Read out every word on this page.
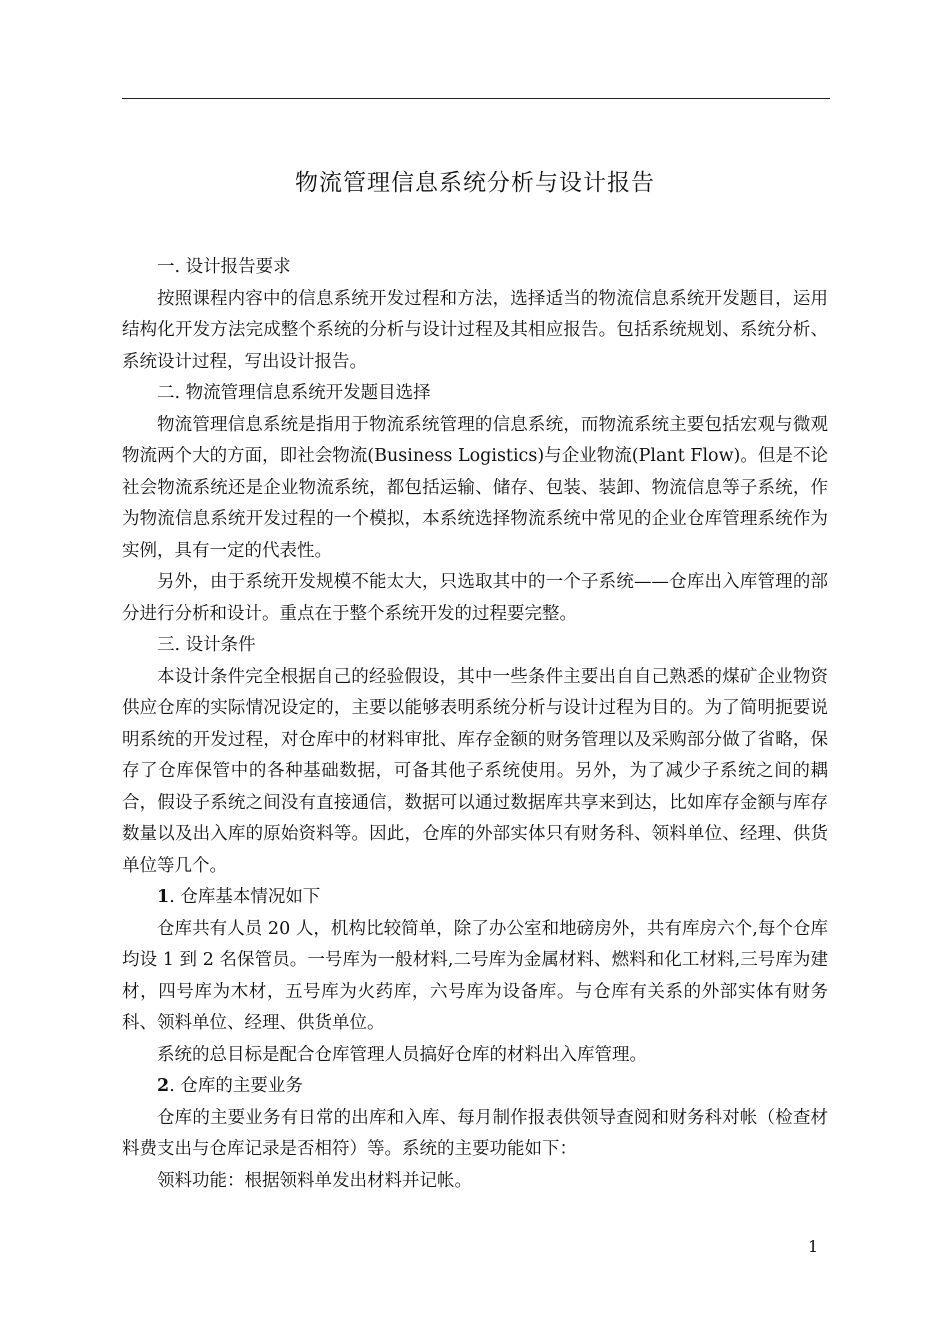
物流管理信息系统分析与设计报告
一. 设计报告要求

按照课程内容中的信息系统开发过程和方法，选择适当的物流信息系统开发题目，运用结构化开发方法完成整个系统的分析与设计过程及其相应报告。包括系统规划、系统分析、系统设计过程，写出设计报告。

二. 物流管理信息系统开发题目选择

物流管理信息系统是指用于物流系统管理的信息系统，而物流系统主要包括宏观与微观物流两个大的方面，即社会物流(Business Logistics)与企业物流(Plant Flow)。但是不论社会物流系统还是企业物流系统，都包括运输、储存、包装、装卸、物流信息等子系统，作为物流信息系统开发过程的一个模拟，本系统选择物流系统中常见的企业仓库管理系统作为实例，具有一定的代表性。

另外，由于系统开发规模不能太大，只选取其中的一个子系统——仓库出入库管理的部分进行分析和设计。重点在于整个系统开发的过程要完整。

三. 设计条件

本设计条件完全根据自己的经验假设，其中一些条件主要出自自己熟悉的煤矿企业物资供应仓库的实际情况设定的，主要以能够表明系统分析与设计过程为目的。为了简明扼要说明系统的开发过程，对仓库中的材料审批、库存金额的财务管理以及采购部分做了省略，保存了仓库保管中的各种基础数据，可备其他子系统使用。另外，为了减少子系统之间的耦合，假设子系统之间没有直接通信，数据可以通过数据库共享来到达，比如库存金额与库存数量以及出入库的原始资料等。因此，仓库的外部实体只有财务科、领料单位、经理、供货单位等几个。

1. 仓库基本情况如下

仓库共有人员 20 人，机构比较简单，除了办公室和地磅房外，共有库房六个,每个仓库均设 1 到 2 名保管员。一号库为一般材料,二号库为金属材料、燃料和化工材料,三号库为建材，四号库为木材，五号库为火药库，六号库为设备库。与仓库有关系的外部实体有财务科、领料单位、经理、供货单位。

系统的总目标是配合仓库管理人员搞好仓库的材料出入库管理。

2. 仓库的主要业务

仓库的主要业务有日常的出库和入库、每月制作报表供领导查阅和财务科对帐（检查材料费支出与仓库记录是否相符）等。系统的主要功能如下：

领料功能：根据领料单发出材料并记帐。

1
